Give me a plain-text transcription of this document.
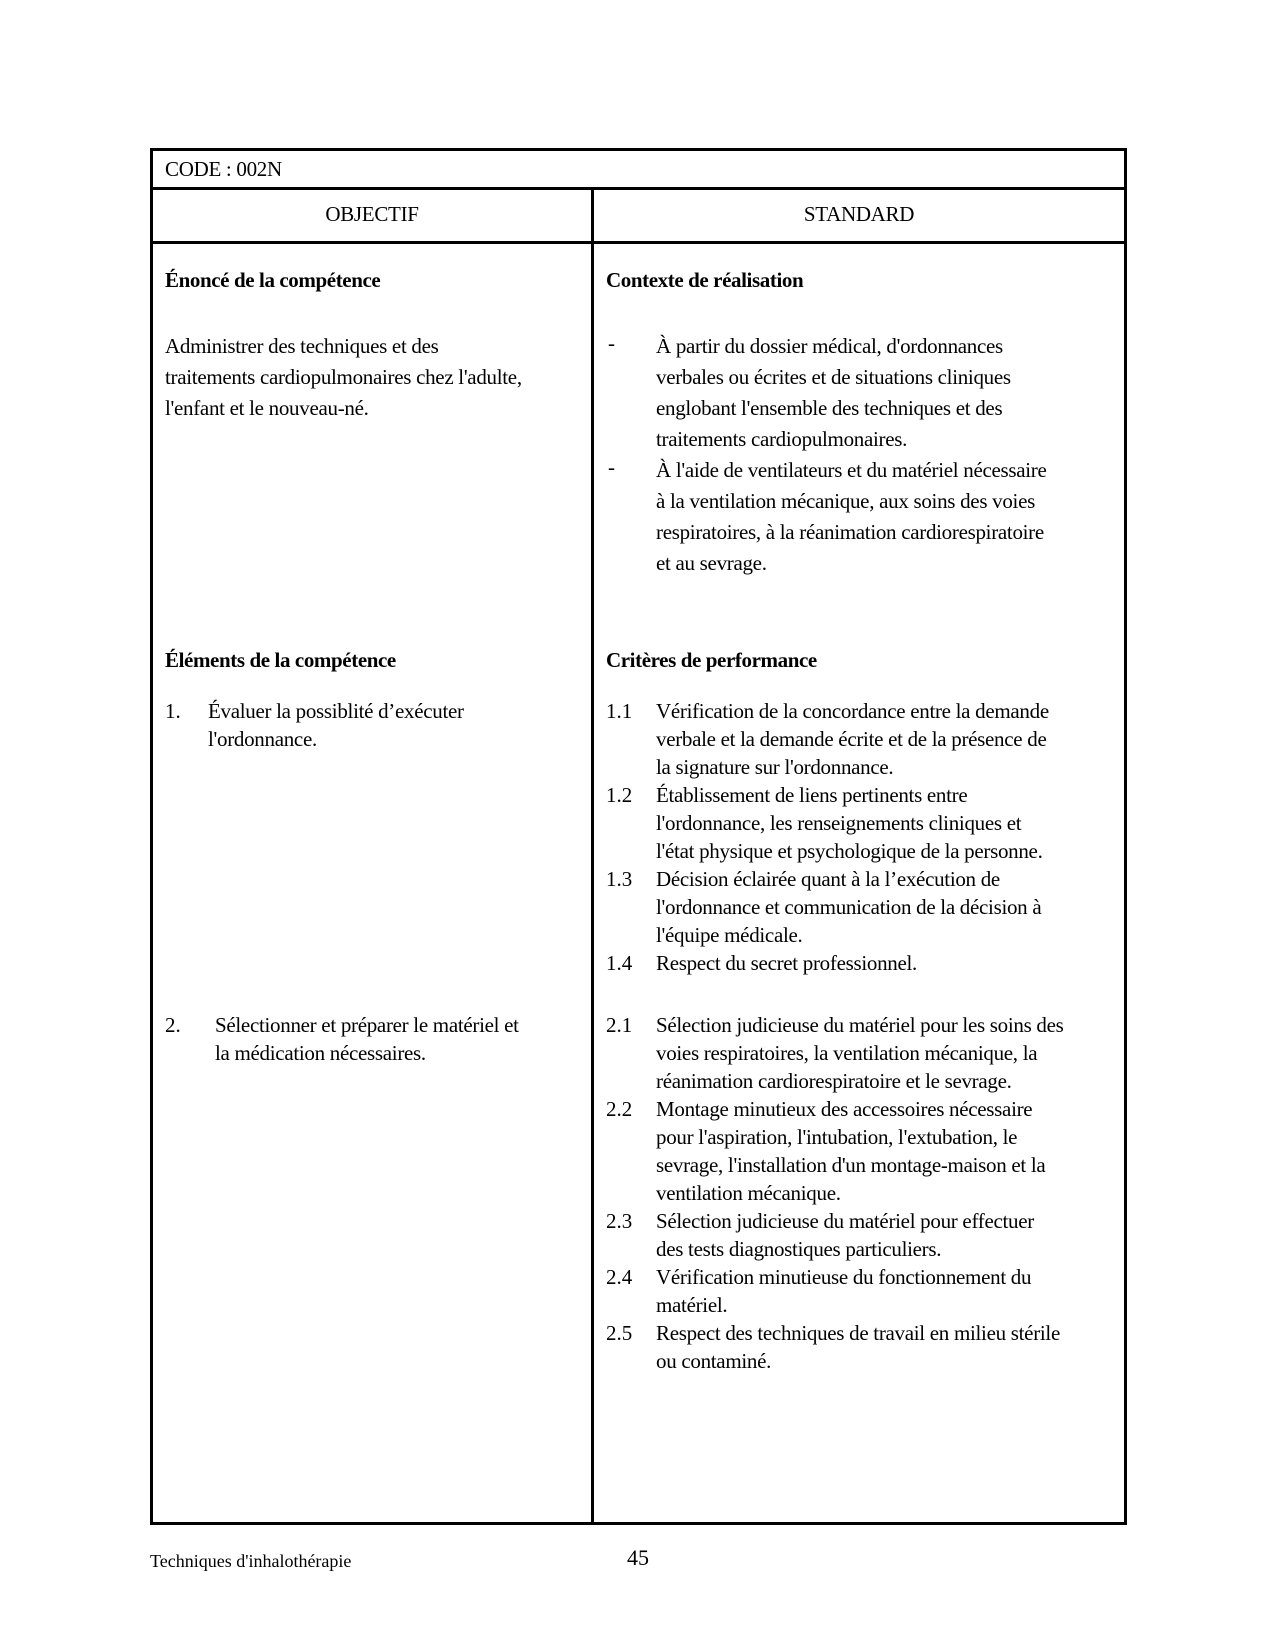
CODE : 002N
OBJECTIF	STANDARD
Énoncé de la compétence
Administrer des techniques et des
traitements cardiopulmonaires chez l'adulte,
l'enfant et le nouveau-né.
Éléments de la compétence
1. Évaluer la possiblité d’exécuter
l'ordonnance.
2. Sélectionner et préparer le matériel et
la médication nécessaires.
Contexte de réalisation
- À partir du dossier médical, d'ordonnances
verbales ou écrites et de situations cliniques
englobant l'ensemble des techniques et des
traitements cardiopulmonaires.
- À l'aide de ventilateurs et du matériel nécessaire
à la ventilation mécanique, aux soins des voies
respiratoires, à la réanimation cardiorespiratoire
et au sevrage.
Critères de performance
1.1 Vérification de la concordance entre la demande
verbale et la demande écrite et de la présence de
la signature sur l'ordonnance.
1.2 Établissement de liens pertinents entre
l'ordonnance, les renseignements cliniques et
l'état physique et psychologique de la personne.
1.3 Décision éclairée quant à la l’exécution de
l'ordonnance et communication de la décision à
l'équipe médicale.
1.4 Respect du secret professionnel.
2.1 Sélection judicieuse du matériel pour les soins des
voies respiratoires, la ventilation mécanique, la
réanimation cardiorespiratoire et le sevrage.
2.2 Montage minutieux des accessoires nécessaire
pour l'aspiration, l'intubation, l'extubation, le
sevrage, l'installation d'un montage-maison et la
ventilation mécanique.
2.3 Sélection judicieuse du matériel pour effectuer
des tests diagnostiques particuliers.
2.4 Vérification minutieuse du fonctionnement du
matériel.
2.5 Respect des techniques de travail en milieu stérile
ou contaminé.
Techniques d'inhalothérapie	45
